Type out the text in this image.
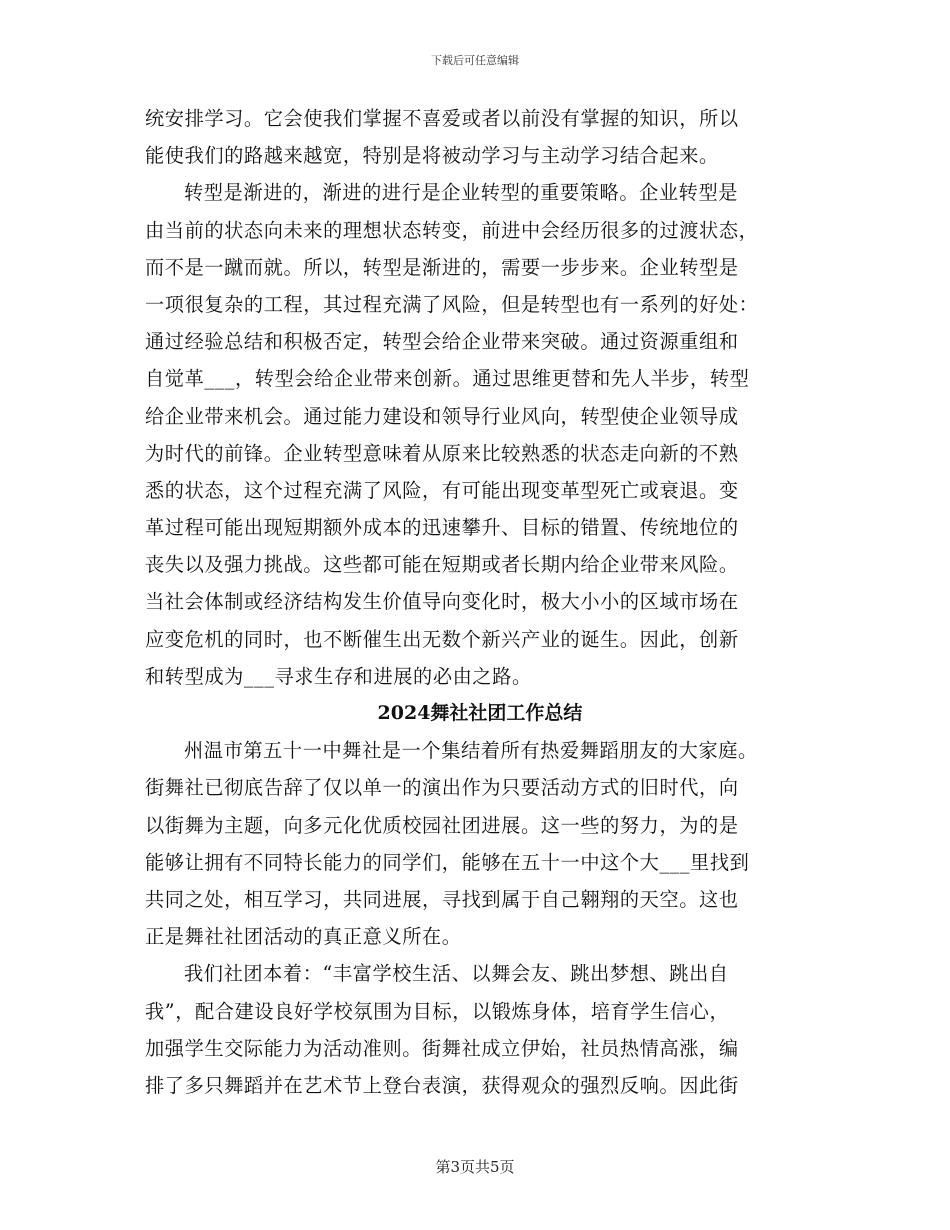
下载后可任意编辑
统安排学习。它会使我们掌握不喜爱或者以前没有掌握的知识，所以
能使我们的路越来越宽，特别是将被动学习与主动学习结合起来。
转型是渐进的，渐进的进行是企业转型的重要策略。企业转型是
由当前的状态向未来的理想状态转变，前进中会经历很多的过渡状态，
而不是一蹴而就。所以，转型是渐进的，需要一步步来。企业转型是
一项很复杂的工程，其过程充满了风险，但是转型也有一系列的好处：
通过经验总结和积极否定，转型会给企业带来突破。通过资源重组和
自觉革___，转型会给企业带来创新。通过思维更替和先人半步，转型
给企业带来机会。通过能力建设和领导行业风向，转型使企业领导成
为时代的前锋。企业转型意味着从原来比较熟悉的状态走向新的不熟
悉的状态，这个过程充满了风险，有可能出现变革型死亡或衰退。变
革过程可能出现短期额外成本的迅速攀升、目标的错置、传统地位的
丧失以及强力挑战。这些都可能在短期或者长期内给企业带来风险。
当社会体制或经济结构发生价值导向变化时，极大小小的区域市场在
应变危机的同时，也不断催生出无数个新兴产业的诞生。因此，创新
和转型成为___寻求生存和进展的必由之路。
2024舞社社团工作总结
州温市第五十一中舞社是一个集结着所有热爱舞蹈朋友的大家庭。
街舞社已彻底告辞了仅以单一的演出作为只要活动方式的旧时代，向
以街舞为主题，向多元化优质校园社团进展。这一些的努力，为的是
能够让拥有不同特长能力的同学们，能够在五十一中这个大___里找到
共同之处，相互学习，共同进展，寻找到属于自己翱翔的天空。这也
正是舞社社团活动的真正意义所在。
我们社团本着：“丰富学校生活、以舞会友、跳出梦想、跳出自
我”，配合建设良好学校氛围为目标，以锻炼身体，培育学生信心，
加强学生交际能力为活动准则。街舞社成立伊始，社员热情高涨，编
排了多只舞蹈并在艺术节上登台表演，获得观众的强烈反响。因此街
第3页共5页
